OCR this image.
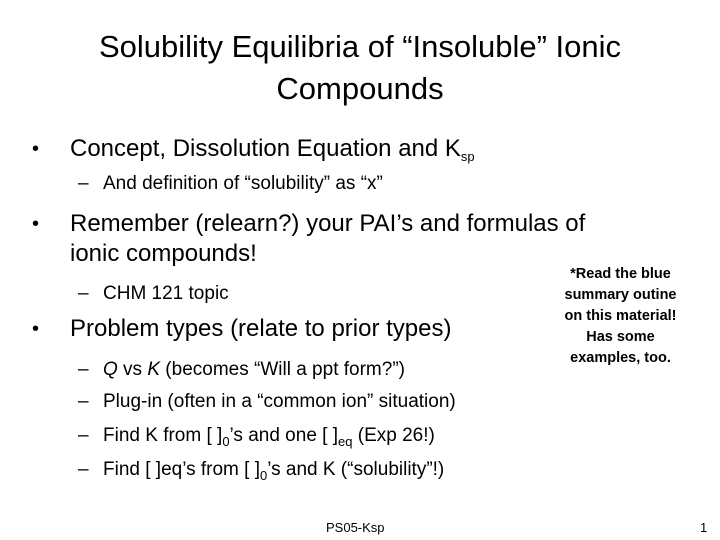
Solubility Equilibria of “Insoluble” Ionic
Compounds
• Concept, Dissolution Equation and $K_{sp}$
– And definition of “solubility” as “x”
• Remember (relearn?) your PAI’s and formulas of
ionic compounds!
– CHM 121 topic
• Problem types (relate to prior types)
– Q vs K (becomes “Will a ppt form?”)
– Plug-in (often in a “common ion” situation)
– Find K from [ ]$_0’s$ and one [ ]$_{eq}$ (Exp 26!)
– Find [ ]eq’s from [ ]$_0’s$ and K (“solubility”!)
*Read the blue
summary outine
on this material!
Has some
examples, too.
PS05-Ksp	1
